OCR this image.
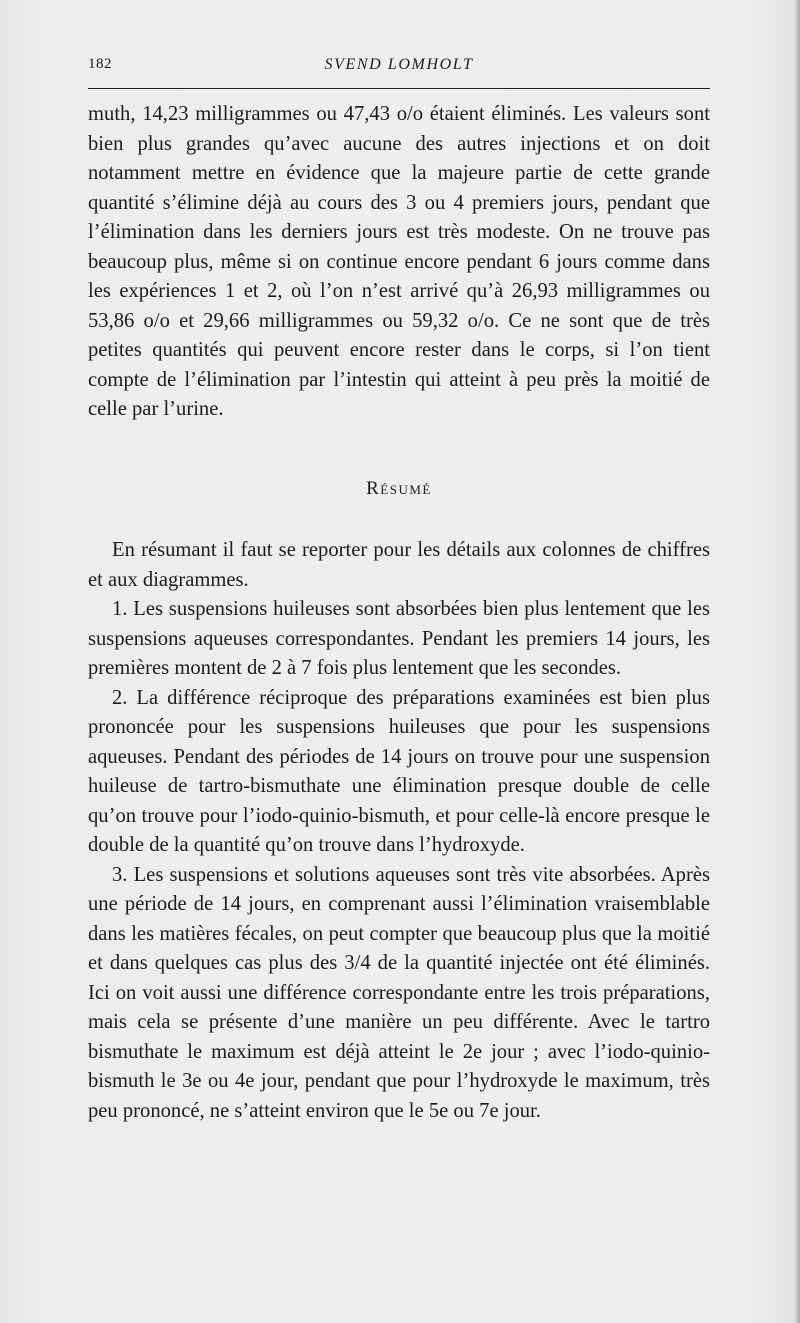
182	SVEND LOMHOLT

muth, 14,23 milligrammes ou 47,43 o/o étaient éliminés. Les valeurs sont bien plus grandes qu’avec aucune des autres injections et on doit notamment mettre en évidence que la majeure partie de cette grande quantité s’élimine déjà au cours des 3 ou 4 premiers jours, pendant que l’élimination dans les derniers jours est très modeste. On ne trouve pas beaucoup plus, même si on continue encore pendant 6 jours comme dans les expériences 1 et 2, où l’on n’est arrivé qu’à 26,93 milligrammes ou 53,86 o/o et 29,66 milligrammes ou 59,32 o/o. Ce ne sont que de très petites quantités qui peuvent encore rester dans le corps, si l’on tient compte de l’élimination par l’intestin qui atteint à peu près la moitié de celle par l’urine.

Résumé

En résumant il faut se reporter pour les détails aux colonnes de chiffres et aux diagrammes.

1. Les suspensions huileuses sont absorbées bien plus lentement que les suspensions aqueuses correspondantes. Pendant les premiers 14 jours, les premières montent de 2 à 7 fois plus lentement que les secondes.

2. La différence réciproque des préparations examinées est bien plus prononcée pour les suspensions huileuses que pour les suspensions aqueuses. Pendant des périodes de 14 jours on trouve pour une suspension huileuse de tartro-bismuthate une élimination presque double de celle qu’on trouve pour l’iodo-quinio-bismuth, et pour celle-là encore presque le double de la quantité qu’on trouve dans l’hydroxyde.

3. Les suspensions et solutions aqueuses sont très vite absorbées. Après une période de 14 jours, en comprenant aussi l’élimination vraisemblable dans les matières fécales, on peut compter que beaucoup plus que la moitié et dans quelques cas plus des 3/4 de la quantité injectée ont été éliminés. Ici on voit aussi une différence correspondante entre les trois préparations, mais cela se présente d’une manière un peu différente. Avec le tartro bismuthate le maximum est déjà atteint le 2e jour ; avec l’iodo-quinio-bismuth le 3e ou 4e jour, pendant que pour l’hydroxyde le maximum, très peu prononcé, ne s’atteint environ que le 5e ou 7e jour.
